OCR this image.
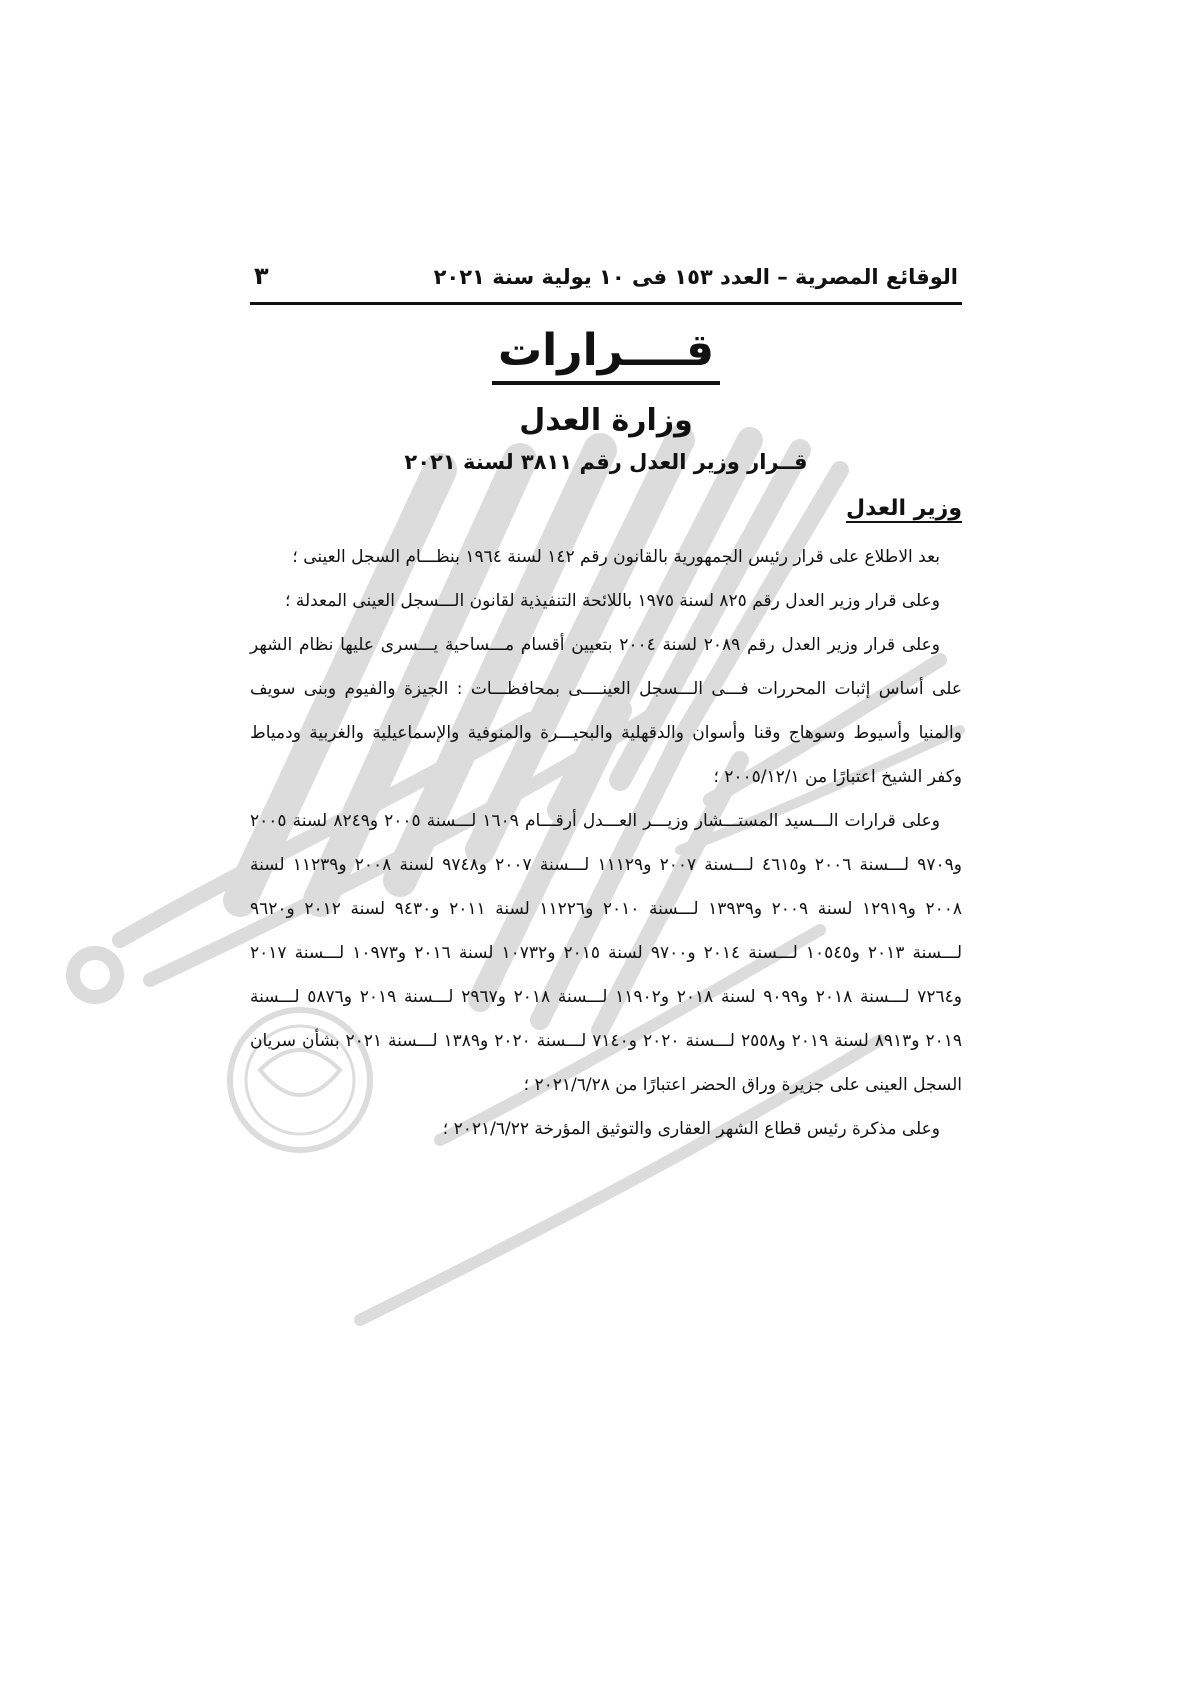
الوقائع المصرية – العدد ١٥٣ فى ١٠ يولية سنة ٢٠٢١
٣
قــــرارات
وزارة العدل
قــرار وزير العدل رقم ٣٨١١ لسنة ٢٠٢١
وزير العدل

بعد الاطلاع على قرار رئيس الجمهورية بالقانون رقم ١٤٢ لسنة ١٩٦٤ بنظـــام السجل العينى ؛

وعلى قرار وزير العدل رقم ٨٢٥ لسنة ١٩٧٥ باللائحة التنفيذية لقانون الـــسجل العينى المعدلة ؛

وعلى قرار وزير العدل رقم ٢٠٨٩ لسنة ٢٠٠٤ بتعيين أقسام مـــساحية يـــسرى عليها نظام الشهر على أساس إثبات المحررات فـــى الـــسجل العينــــى بمحافظـــات : الجيزة والفيوم وبنى سويف والمنيا وأسيوط وسوهاج وقنا وأسوان والدقهلية والبحيـــرة والمنوفية والإسماعيلية والغربية ودمياط وكفر الشيخ اعتبارًا من ٢٠٠٥/١٢/١ ؛

وعلى قرارات الـــسيد المستـــشار وزيـــر العـــدل أرقـــام ١٦٠٩ لـــسنة ٢٠٠٥ و٨٢٤٩ لسنة ٢٠٠٥ و٩٧٠٩ لـــسنة ٢٠٠٦ و٤٦١٥ لـــسنة ٢٠٠٧ و١١١٢٩ لـــسنة ٢٠٠٧ و٩٧٤٨ لسنة ٢٠٠٨ و١١٢٣٩ لسنة ٢٠٠٨ و١٢٩١٩ لسنة ٢٠٠٩ و١٣٩٣٩ لـــسنة ٢٠١٠ و١١٢٢٦ لسنة ٢٠١١ و٩٤٣٠ لسنة ٢٠١٢ و٩٦٢٠ لـــسنة ٢٠١٣ و١٠٥٤٥ لـــسنة ٢٠١٤ و٩٧٠٠ لسنة ٢٠١٥ و١٠٧٣٢ لسنة ٢٠١٦ و١٠٩٧٣ لـــسنة ٢٠١٧ و٧٢٦٤ لـــسنة ٢٠١٨ و٩٠٩٩ لسنة ٢٠١٨ و١١٩٠٢ لـــسنة ٢٠١٨ و٢٩٦٧ لـــسنة ٢٠١٩ و٥٨٧٦ لـــسنة ٢٠١٩ و٨٩١٣ لسنة ٢٠١٩ و٢٥٥٨ لـــسنة ٢٠٢٠ و٧١٤٠ لـــسنة ٢٠٢٠ و١٣٨٩ لـــسنة ٢٠٢١ بشأن سريان السجل العينى على جزيرة وراق الحضر اعتبارًا من ٢٠٢١/٦/٢٨ ؛

وعلى مذكرة رئيس قطاع الشهر العقارى والتوثيق المؤرخة ٢٠٢١/٦/٢٢ ؛
